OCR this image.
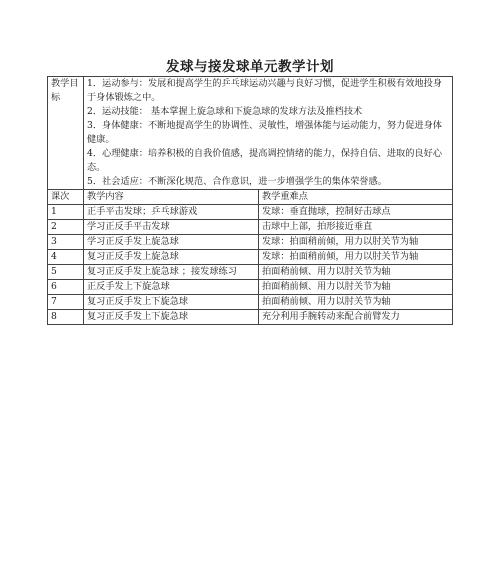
发球与接发球单元教学计划
教学目标	1．运动参与：发展和提高学生的乒乓球运动兴趣与良好习惯，促进学生积极有效地投身于身体锻炼之中。

2．运动技能： 基本掌握上旋急球和下旋急球的发球方法及推档技术

3．身体健康：不断地提高学生的协调性、灵敏性，增强体能与运动能力，努力促进身体健康。

4．心理健康：培养积极的自我价值感，提高调控情绪的能力，保持自信、进取的良好心态。

5．社会适应：不断深化规范、合作意识，进一步增强学生的集体荣誉感。	

课次	教学内容	教学重难点
1	正手平击发球；乒乓球游戏	发球：垂直抛球，控制好击球点
2	学习正反手平击发球	击球中上部，拍形接近垂直
3	学习正反手发上旋急球	发球：拍面稍前倾，用力以肘关节为轴
4	复习正反手发上旋急球	发球：拍面稍前倾，用力以肘关节为轴
5	复习正反手发上旋急球 ；接发球练习	拍面稍前倾、用力以肘关节为轴
6	正反手发上下旋急球	拍面稍前倾、用力以肘关节为轴
7	复习正反手发上下旋急球	拍面稍前倾、用力以肘关节为轴
8	复习正反手发上下旋急球	充分利用手腕转动来配合前臂发力
